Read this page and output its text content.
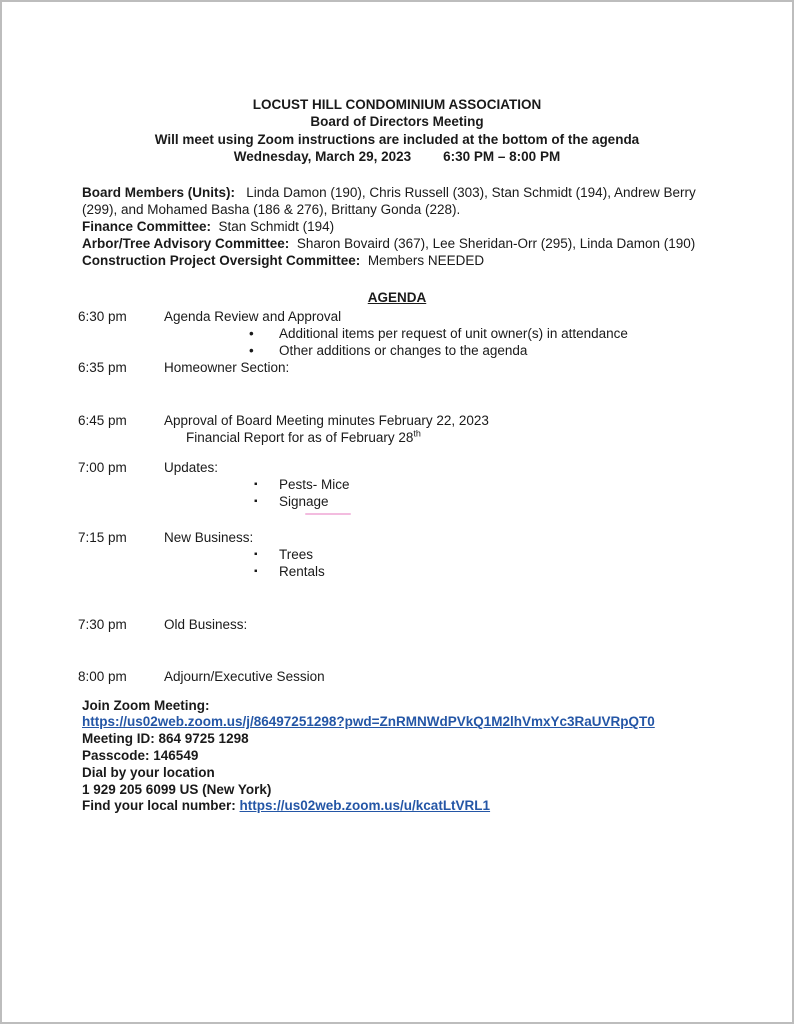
LOCUST HILL CONDOMINIUM ASSOCIATION
Board of Directors Meeting
Will meet using Zoom instructions are included at the bottom of the agenda
Wednesday, March 29, 2023 6:30 PM – 8:00 PM

Board Members (Units): Linda Damon (190), Chris Russell (303), Stan Schmidt (194), Andrew Berry (299), and Mohamed Basha (186 & 276), Brittany Gonda (228).

Finance Committee: Stan Schmidt (194)

Arbor/Tree Advisory Committee: Sharon Bovaird (367), Lee Sheridan-Orr (295), Linda Damon (190)

Construction Project Oversight Committee: Members NEEDED

AGENDA
6:30 pm	Agenda Review and Approval
•	Additional items per request of unit owner(s) in attendance
•	Other additions or changes to the agenda
6:35 pm	Homeowner Section:
6:45 pm	Approval of Board Meeting minutes February 22, 2023
Financial Report for as of February 28th
7:00 pm	Updates:
▪	Pests- Mice
▪	Signage
7:15 pm	New Business:
▪	Trees
▪	Rentals
7:30 pm	Old Business:
8:00 pm	Adjourn/Executive Session

Join Zoom Meeting:

https://us02web.zoom.us/j/86497251298?pwd=ZnRMNWdPVkQ1M2lhVmxYc3RaUVRpQT0

Meeting ID: 864 9725 1298

Passcode: 146549

Dial by your location

1 929 205 6099 US (New York)

Find your local number: https://us02web.zoom.us/u/kcatLtVRL1
